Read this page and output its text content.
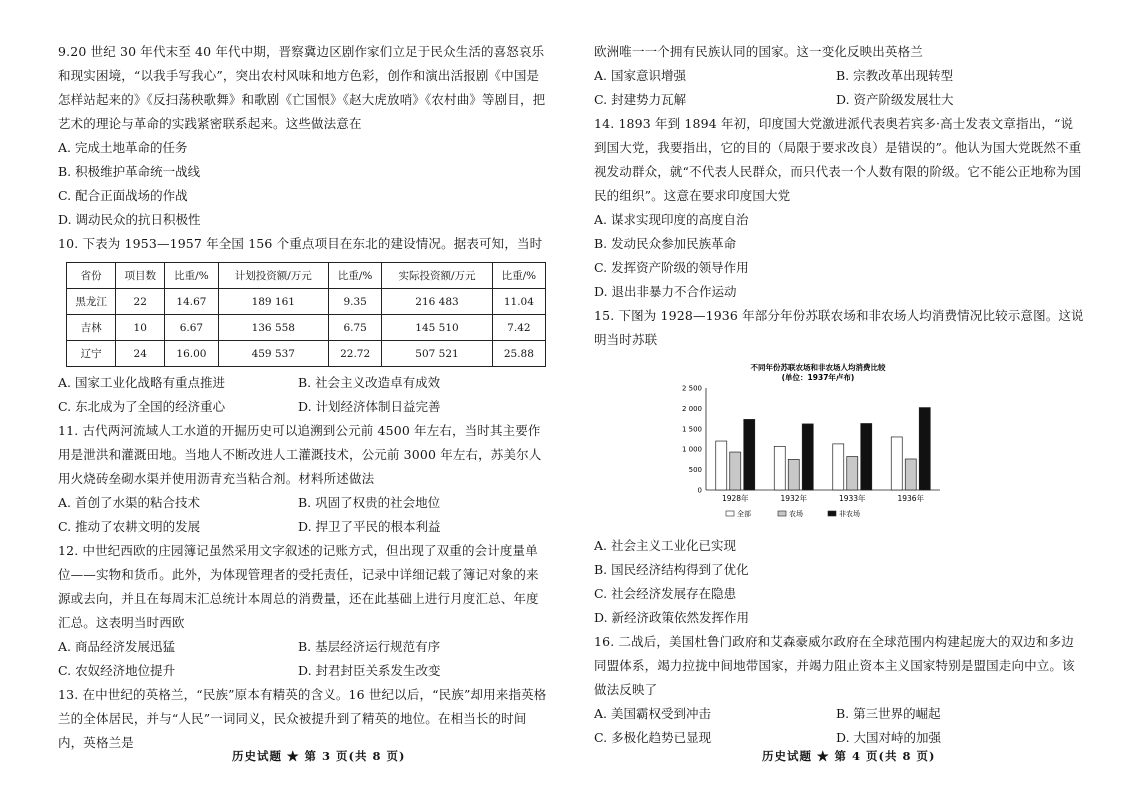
9.20 世纪 30 年代末至 40 年代中期，晋察冀边区剧作家们立足于民众生活的喜怒哀乐和现实困境，“以我手写我心”，突出农村风味和地方色彩，创作和演出活报剧《中国是怎样站起来的》《反扫荡秧歌舞》和歌剧《亡国恨》《赵大虎放哨》《农村曲》等剧目，把艺术的理论与革命的实践紧密联系起来。这些做法意在

A. 完成土地革命的任务

B. 积极维护革命统一战线

C. 配合正面战场的作战

D. 调动民众的抗日积极性

10. 下表为 1953—1957 年全国 156 个重点项目在东北的建设情况。据表可知，当时

省份	项目数	比重/%	计划投资额/万元	比重/%	实际投资额/万元	比重/%
黑龙江	22	14.67	189 161	9.35	216 483	11.04
吉林	10	6.67	136 558	6.75	145 510	7.42
辽宁	24	16.00	459 537	22.72	507 521	25.88
A. 国家工业化战略有重点推进	B. 社会主义改造卓有成效
C. 东北成为了全国的经济重心	D. 计划经济体制日益完善

11. 古代两河流域人工水道的开掘历史可以追溯到公元前 4500 年左右，当时其主要作用是泄洪和灌溉田地。当地人不断改进人工灌溉技术，公元前 3000 年左右，苏美尔人用火烧砖垒砌水渠并使用沥青充当粘合剂。材料所述做法

A. 首创了水渠的粘合技术	B. 巩固了权贵的社会地位
C. 推动了农耕文明的发展	D. 捍卫了平民的根本利益

12. 中世纪西欧的庄园簿记虽然采用文字叙述的记账方式，但出现了双重的会计度量单位——实物和货币。此外，为体现管理者的受托责任，记录中详细记载了簿记对象的来源或去向，并且在每周末汇总统计本周总的消费量，还在此基础上进行月度汇总、年度汇总。这表明当时西欧

A. 商品经济发展迅猛	B. 基层经济运行规范有序
C. 农奴经济地位提升	D. 封君封臣关系发生改变

13. 在中世纪的英格兰，“民族”原本有精英的含义。16 世纪以后，“民族”却用来指英格兰的全体居民，并与“人民”一词同义，民众被提升到了精英的地位。在相当长的时间内，英格兰是

历史试题 ★ 第 3 页(共 8 页)

欧洲唯一一个拥有民族认同的国家。这一变化反映出英格兰

A. 国家意识增强	B. 宗教改革出现转型
C. 封建势力瓦解	D. 资产阶级发展壮大

14. 1893 年到 1894 年初，印度国大党激进派代表奥若宾多·高士发表文章指出，“说到国大党，我要指出，它的目的（局限于要求改良）是错误的”。他认为国大党既然不重视发动群众，就“不代表人民群众，而只代表一个人数有限的阶级。它不能公正地称为国民的组织”。这意在要求印度国大党

A. 谋求实现印度的高度自治

B. 发动民众参加民族革命

C. 发挥资产阶级的领导作用

D. 退出非暴力不合作运动

15. 下图为 1928—1936 年部分年份苏联农场和非农场人均消费情况比较示意图。这说明当时苏联

不同年份苏联农场和非农场人均消费比较
(单位：1937年卢布)
2 500
2 000
1 500
1 000
500
0
1928年	1932年	1933年	1936年
全部	农场	非农场

A. 社会主义工业化已实现

B. 国民经济结构得到了优化

C. 社会经济发展存在隐患

D. 新经济政策依然发挥作用

16. 二战后，美国杜鲁门政府和艾森豪威尔政府在全球范围内构建起庞大的双边和多边同盟体系，竭力拉拢中间地带国家，并竭力阻止资本主义国家特别是盟国走向中立。该做法反映了

A. 美国霸权受到冲击	B. 第三世界的崛起
C. 多极化趋势已显现	D. 大国对峙的加强
历史试题 ★ 第 4 页(共 8 页)
